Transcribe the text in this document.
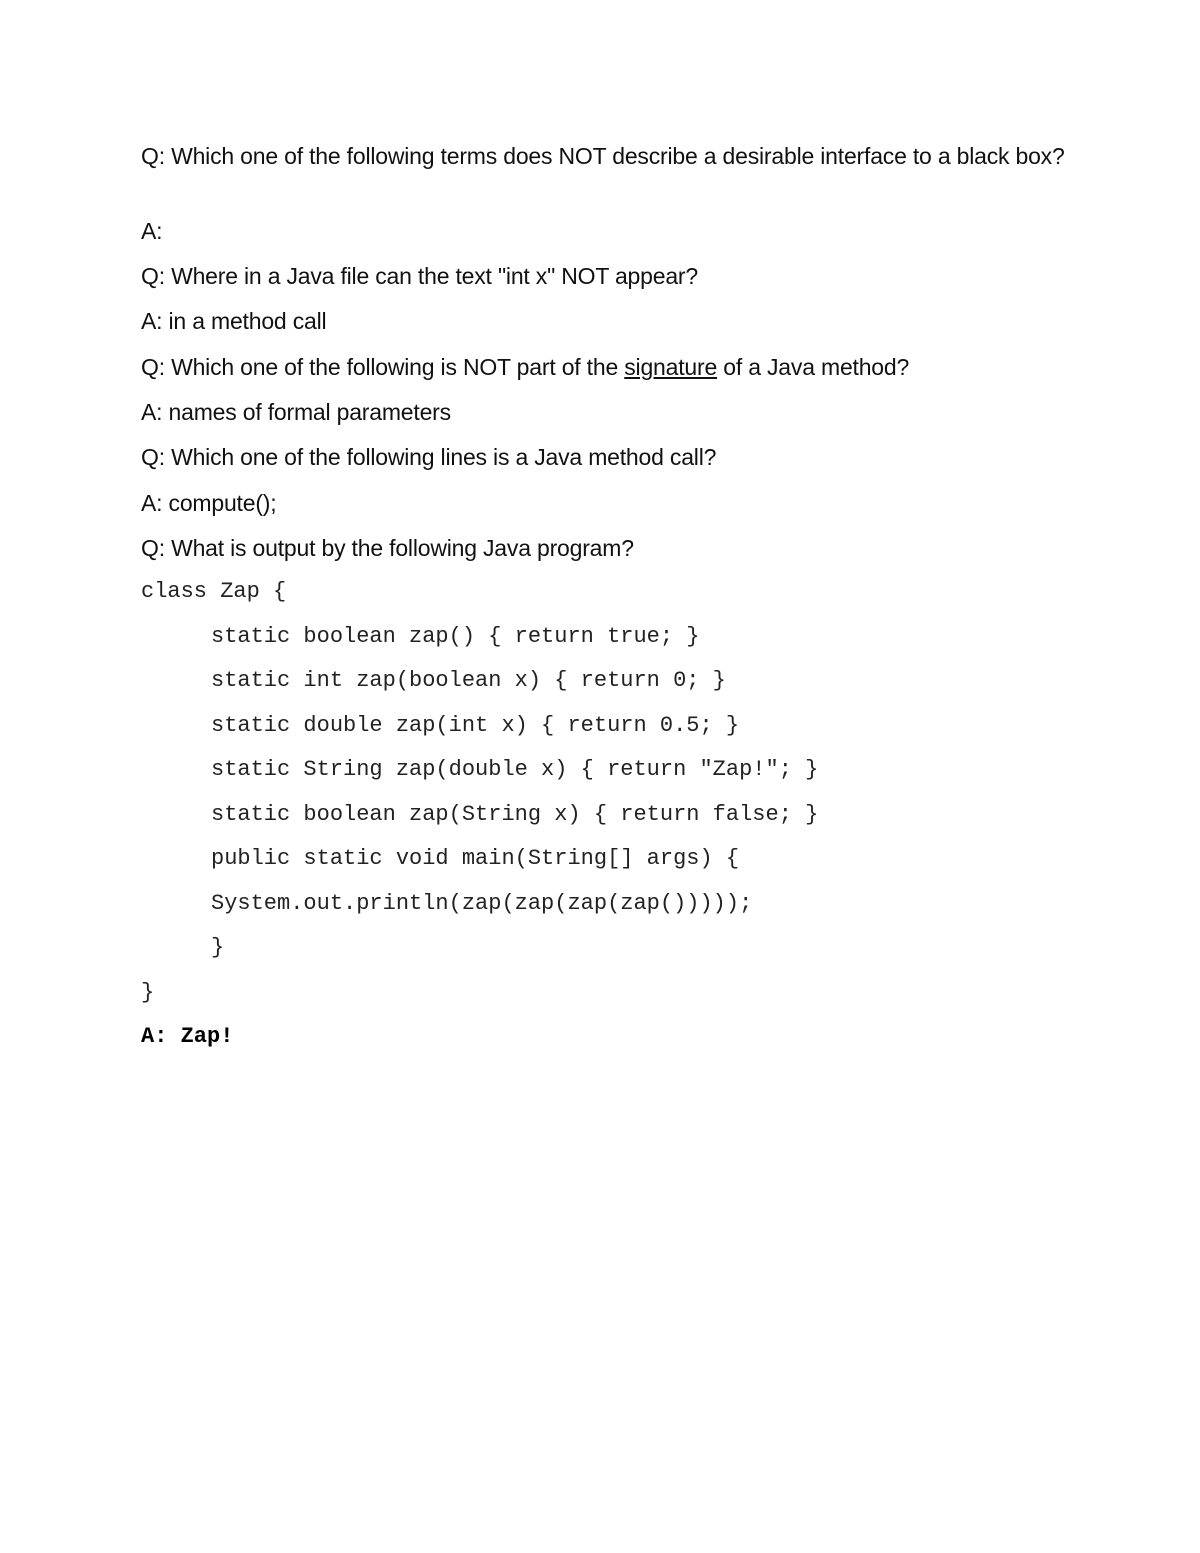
Q: Which one of the following terms does NOT describe a desirable interface to a black box?
A:
Q: Where in a Java file can the text "int x" NOT appear?
A: in a method call
Q: Which one of the following is NOT part of the signature of a Java method?
A: names of formal parameters
Q: Which one of the following lines is a Java method call?
A: compute();
Q: What is output by the following Java program?
class Zap {
static boolean zap() { return true; }
static int zap(boolean x) { return 0; }
static double zap(int x) { return 0.5; }
static String zap(double x) { return "Zap!"; }
static boolean zap(String x) { return false; }
public static void main(String[] args) {
System.out.println(zap(zap(zap(zap()))));
}
}
A: Zap!
